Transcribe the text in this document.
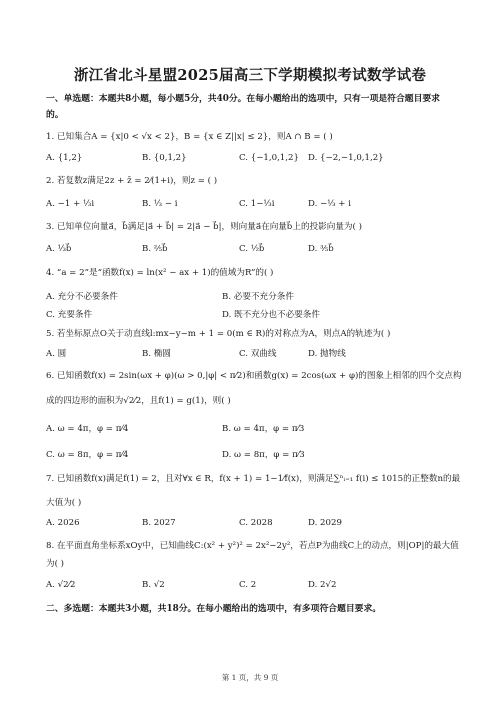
浙江省北斗星盟2025届高三下学期模拟考试数学试卷
一、单选题：本题共8小题，每小题5分，共40分。在每小题给出的选项中，只有一项是符合题目要求
的。
1. 已知集合A = {x|0 < √x < 2}，B = {x ∈ Z||x| ≤ 2}，则A ∩ B = ( )
A. {1,2}	B. {0,1,2}	C. {−1,0,1,2} D. {−2,−1,0,1,2}
2. 若复数z满足2z + z̄ = 2⁄(1+i)，则z = ( )
A. −1 + ⅓i	B. ⅓ − i	C. 1−⅓i	D. −⅓ + i
3. 已知单位向量a⃗，b⃗满足|a⃗ + b⃗| = 2|a⃗ − b⃗|，则向量a⃗在向量b⃗上的投影向量为( )
A. ⅓b⃗	B. ⅖b⃗	C. ½b⃗	D. ⅗b⃗
4. “a = 2”是“函数f(x) = ln(x² − ax + 1)的值域为R”的( )
A. 充分不必要条件	B. 必要不充分条件
C. 充要条件	D. 既不充分也不必要条件
5. 若坐标原点O关于动直线l:mx−y−m + 1 = 0(m ∈ R)的对称点为A，则点A的轨迹为( )
A. 圆	B. 椭圆	C. 双曲线	D. 抛物线
6. 已知函数f(x) = 2sin(ωx + φ)(ω > 0,|φ| < π⁄2)和函数g(x) = 2cos(ωx + φ)的图象上相邻的四个交点构
成的四边形的面积为√2⁄2，且f(1) = g(1)，则( )
A. ω = 4π，φ = π⁄4	B. ω = 4π，φ = π⁄3
C. ω = 8π，φ = π⁄4	D. ω = 8π，φ = π⁄3
7. 已知函数f(x)满足f(1) = 2，且对∀x ∈ R，f(x + 1) = 1−1⁄f(x)，则满足∑ⁿᵢ₌₁ f(i) ≤ 1015的正整数n的最
大值为( )
A. 2026	B. 2027	C. 2028	D. 2029
8. 在平面直角坐标系xOy中，已知曲线C:(x² + y²)² = 2x²−2y²，若点P为曲线C上的动点，则|OP|的最大值
为( )
A. √2⁄2	B. √2	C. 2	D. 2√2
二、多选题：本题共3小题，共18分。在每小题给出的选项中，有多项符合题目要求。
第 1 页，共 9 页
